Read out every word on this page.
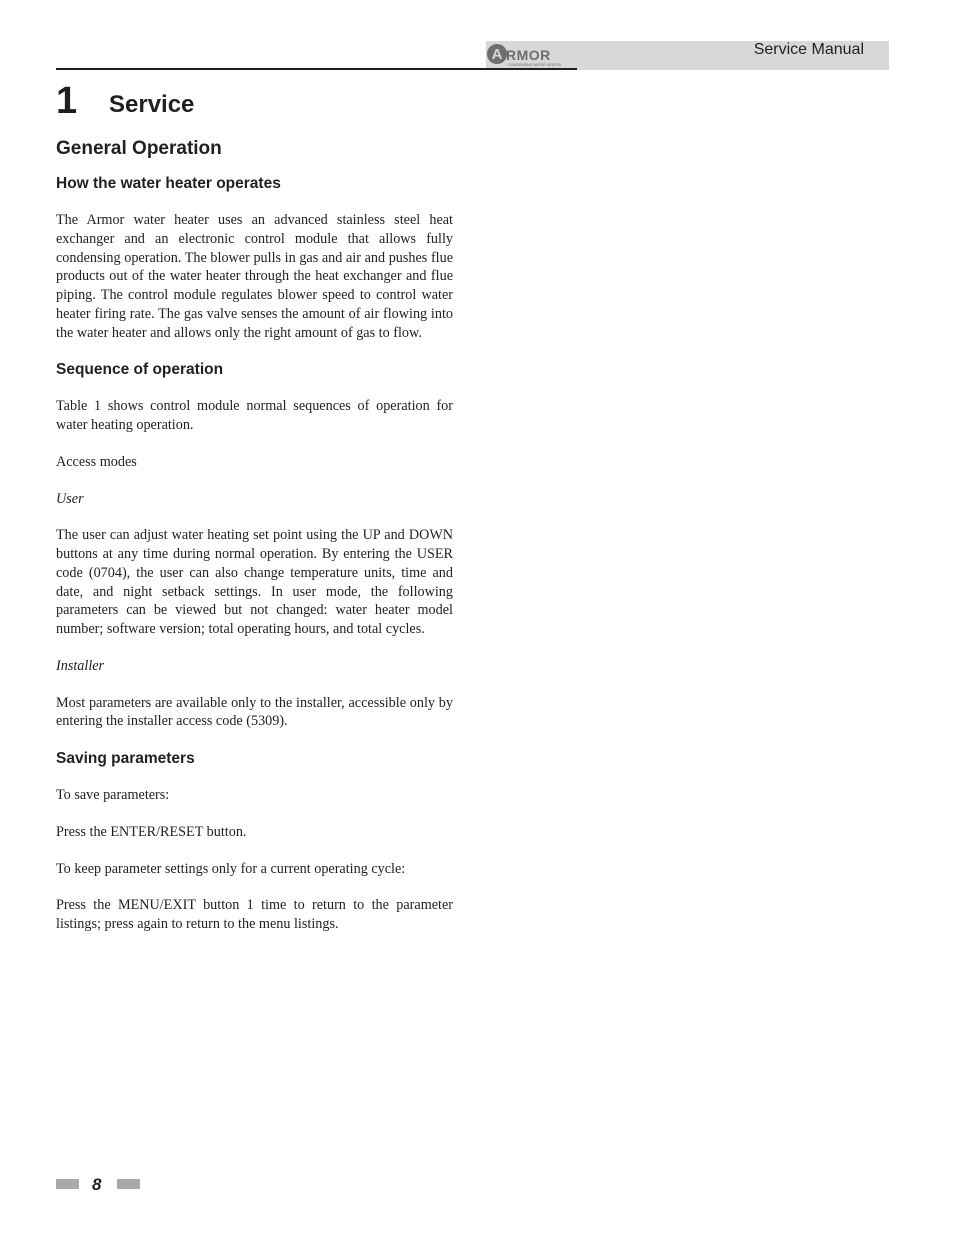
Service Manual
A RMOR
CONDENSING WATER HEATER
1 Service
General Operation
How the water heater operates

The Armor water heater uses an advanced stainless steel heat exchanger and an electronic control module that allows fully condensing operation. The blower pulls in gas and air and pushes flue products out of the water heater through the heat exchanger and flue piping. The control module regulates blower speed to control water heater firing rate. The gas valve senses the amount of air flowing into the water heater and allows only the right amount of gas to flow.

Sequence of operation

Table 1 shows control module normal sequences of operation for water heating operation.

Access modes

User

The user can adjust water heating set point using the UP and DOWN buttons at any time during normal operation. By entering the USER code (0704), the user can also change temperature units, time and date, and night setback settings. In user mode, the following parameters can be viewed but not changed: water heater model number; software version; total operating hours, and total cycles.

Installer

Most parameters are available only to the installer, accessible only by entering the installer access code (5309).

Saving parameters

To save parameters:

Press the ENTER/RESET button.

To keep parameter settings only for a current operating cycle:

Press the MENU/EXIT button 1 time to return to the parameter listings; press again to return to the menu listings.

8
